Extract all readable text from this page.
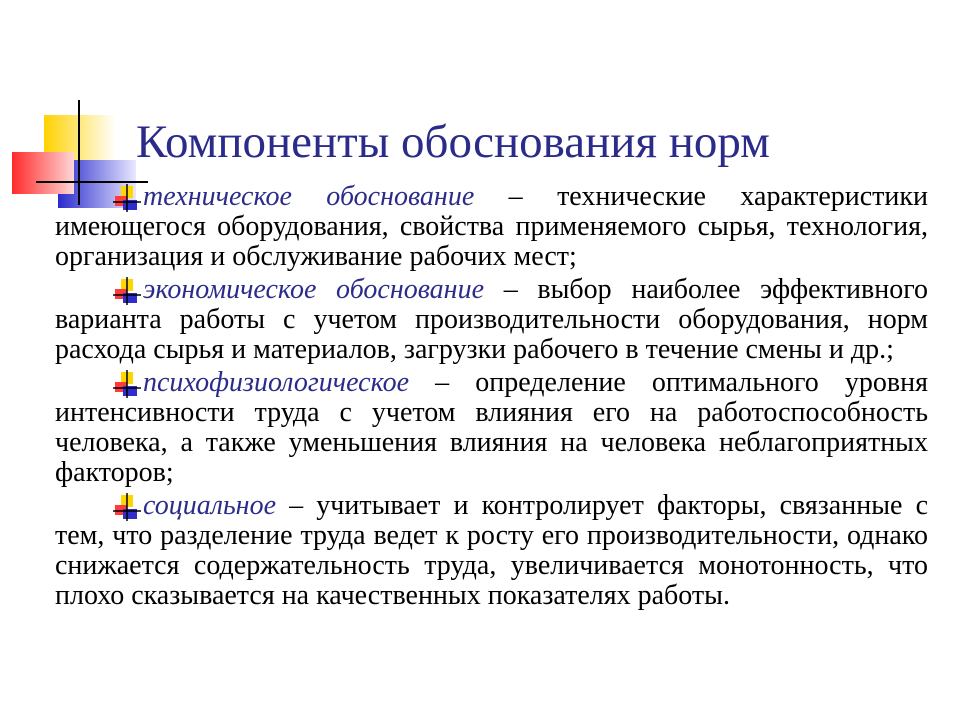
Компоненты обоснования норм
техническое обоснование – технические характеристики имеющегося оборудования, свойства применяемого сырья, технология, организация и обслуживание рабочих мест;
экономическое обоснование – выбор наиболее эффективного варианта работы с учетом производительности оборудования, норм расхода сырья и материалов, загрузки рабочего в течение смены и др.;
психофизиологическое – определение оптимального уровня интенсивности труда с учетом влияния его на работоспособность человека, а также уменьшения влияния на человека неблагоприятных факторов;
социальное – учитывает и контролирует факторы, связанные с тем, что разделение труда ведет к росту его производительности, однако снижается содержательность труда, увеличивается монотонность, что плохо сказывается на качественных показателях работы.
